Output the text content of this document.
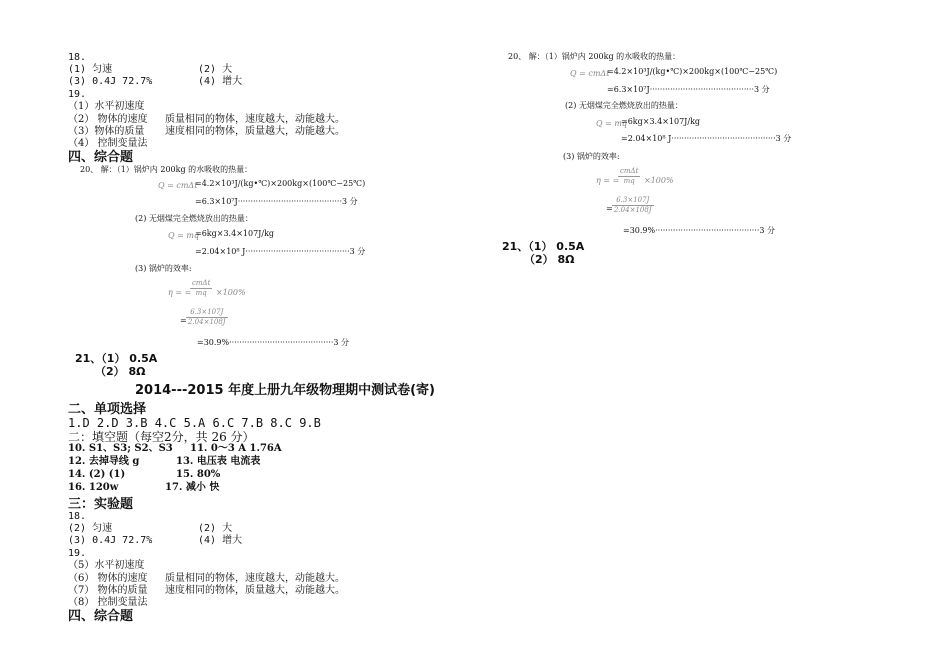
18.
(1) 匀速	(2) 大
(3) 0.4J 72.7%	(4) 增大
19.
（1）水平初速度
（2） 物体的速度 质量相同的物体，速度越大，动能越大。
（3）物体的质量 速度相同的物体，质量越大，动能越大。
（4） 控制变量法
四、综合题
20、 解：（1）锅炉内 200kg 的水吸收的热量：
Q = cmΔt
=4.2×10³J/(kg•℃)×200kg×(100℃−25℃)
=6.3×10⁷J·········································3 分
(2) 无烟煤完全燃烧放出的热量：
Q = mq
=6kg×3.4×107J/kg
=2.04×10⁸ J·········································3 分
(3) 锅炉的效率:
η = =
cmΔt
mq	×100%
= $\frac{6.3\times 107J}{2.04\times 108J}$
=30.9%·········································3 分
21、（1） 0.5A
（2） 8Ω
2014---2015 年度上册九年级物理期中测试卷(寄)
二、单项选择
1.D 2.D 3.B 4.C 5.A 6.C 7.B 8.C 9.B
二：填空题（每空2分，共 26 分）
10. S1、S3; S2、S3 11. 0～3 A 1.76A
12. 去掉导线 g	13. 电压表 电流表
14. (2) (1)	15. 80%
16. 120w	17. 减小 快
三：实验题
18.
(2) 匀速	(2) 大
(3) 0.4J 72.7%	(4) 增大
19.
（5）水平初速度
（6） 物体的速度 质量相同的物体，速度越大，动能越大。
（7） 物体的质量 速度相同的物体，质量越大，动能越大。
（8） 控制变量法
四、综合题
20、 解：（1）锅炉内 200kg 的水吸收的热量：
Q = cmΔt
=4.2×10³J/(kg•℃)×200kg×(100℃−25℃)
=6.3×10⁷J·········································3 分
(2) 无烟煤完全燃烧放出的热量：
Q = mq
=6kg×3.4×107J/kg
=2.04×10⁸ J·········································3 分
(3) 锅炉的效率:
η = =
cmΔt
mq	×100%
= $\frac{6.3\times 107J}{2.04\times 108J}$
=30.9%·········································3 分
21、（1） 0.5A
（2） 8Ω
